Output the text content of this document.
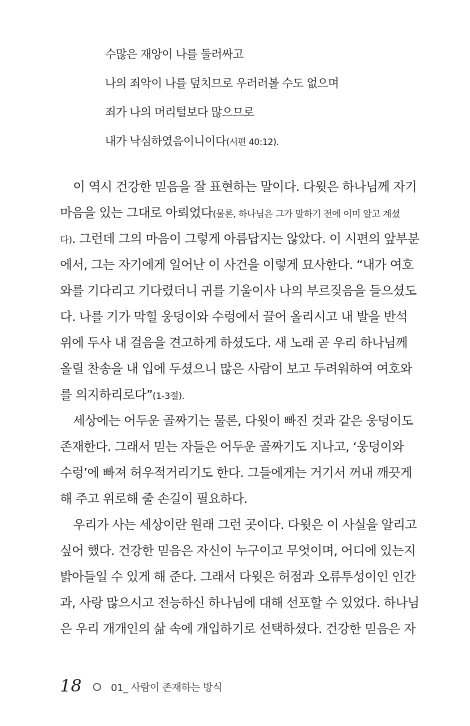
수많은 재앙이 나를 둘러싸고
나의 죄악이 나를 덮치므로 우러러볼 수도 없으며
죄가 나의 머리털보다 많으므로
내가 낙심하였음이니이다(시편 40:12).
이 역시 건강한 믿음을 잘 표현하는 말이다. 다윗은 하나님께 자기
마음을 있는 그대로 아뢰었다(물론, 하나님은 그가 말하기 전에 이미 알고 계셨
다). 그런데 그의 마음이 그렇게 아름답지는 않았다. 이 시편의 앞부분
에서, 그는 자기에게 일어난 이 사건을 이렇게 묘사한다. “내가 여호
와를 기다리고 기다렸더니 귀를 기울이사 나의 부르짖음을 들으셨도
다. 나를 기가 막힐 웅덩이와 수렁에서 끌어 올리시고 내 발을 반석
위에 두사 내 걸음을 견고하게 하셨도다. 새 노래 곧 우리 하나님께
올릴 찬송을 내 입에 두셨으니 많은 사람이 보고 두려워하여 여호와
를 의지하리로다”(1-3절).
세상에는 어두운 골짜기는 물론, 다윗이 빠진 것과 같은 웅덩이도
존재한다. 그래서 믿는 자들은 어두운 골짜기도 지나고, ‘웅덩이와
수렁’에 빠져 허우적거리기도 한다. 그들에게는 거기서 꺼내 깨끗게
해 주고 위로해 줄 손길이 필요하다.
우리가 사는 세상이란 원래 그런 곳이다. 다윗은 이 사실을 알리고
싶어 했다. 건강한 믿음은 자신이 누구이고 무엇이며, 어디에 있는지
밝아들일 수 있게 해 준다. 그래서 다윗은 허점과 오류투성이인 인간
과, 사랑 많으시고 전능하신 하나님에 대해 선포할 수 있었다. 하나님
은 우리 개개인의 삶 속에 개입하기로 선택하셨다. 건강한 믿음은 자
18	01_ 사람이 존재하는 방식
